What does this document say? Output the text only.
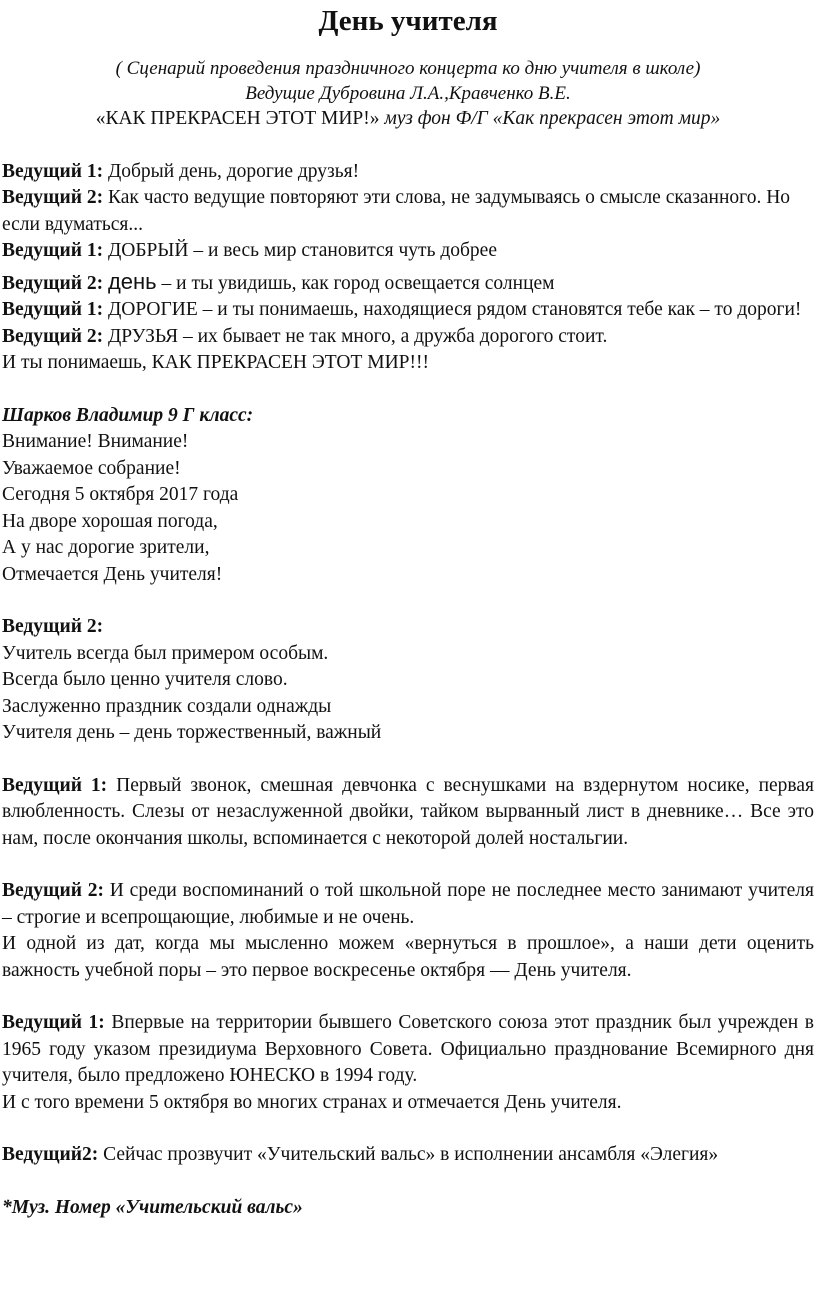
День учителя

( Сценарий проведения праздничного концерта ко дню учителя в школе)

Ведущие Дубровина Л.А.,Кравченко В.Е.

«КАК ПРЕКРАСЕН ЭТОТ МИР!» муз фон Ф/Г «Как прекрасен этот мир»

Ведущий 1: Добрый день, дорогие друзья!

Ведущий 2: Как часто ведущие повторяют эти слова, не задумываясь о смысле сказанного. Но если вдуматься...

Ведущий 1: ДОБРЫЙ – и весь мир становится чуть добрее

Ведущий 2: день – и ты увидишь, как город освещается солнцем

Ведущий 1: ДОРОГИЕ – и ты понимаешь, находящиеся рядом становятся тебе как – то дороги!

Ведущий 2: ДРУЗЬЯ – их бывает не так много, а дружба дорогого стоит.

И ты понимаешь, КАК ПРЕКРАСЕН ЭТОТ МИР!!!

Шарков Владимир 9 Г класс:

Внимание! Внимание!

Уважаемое собрание!

Сегодня 5 октября 2017 года

На дворе хорошая погода,

А у нас дорогие зрители,

Отмечается День учителя!

Ведущий 2:

Учитель всегда был примером особым.

Всегда было ценно учителя слово.

Заслуженно праздник создали однажды

Учителя день – день торжественный, важный

Ведущий 1: Первый звонок, смешная девчонка с веснушками на вздернутом носике, первая влюбленность. Слезы от незаслуженной двойки, тайком вырванный лист в дневнике… Все это нам, после окончания школы, вспоминается с некоторой долей ностальгии.

Ведущий 2: И среди воспоминаний о той школьной поре не последнее место занимают учителя – строгие и всепрощающие, любимые и не очень.

И одной из дат, когда мы мысленно можем «вернуться в прошлое», а наши дети оценить важность учебной поры – это первое воскресенье октября — День учителя.

Ведущий 1: Впервые на территории бывшего Советского союза этот праздник был учрежден в 1965 году указом президиума Верховного Совета. Официально празднование Всемирного дня учителя, было предложено ЮНЕСКО в 1994 году.

И с того времени 5 октября во многих странах и отмечается День учителя.

Ведущий2: Сейчас прозвучит «Учительский вальс» в исполнении ансамбля «Элегия»

*Муз. Номер «Учительский вальс»
